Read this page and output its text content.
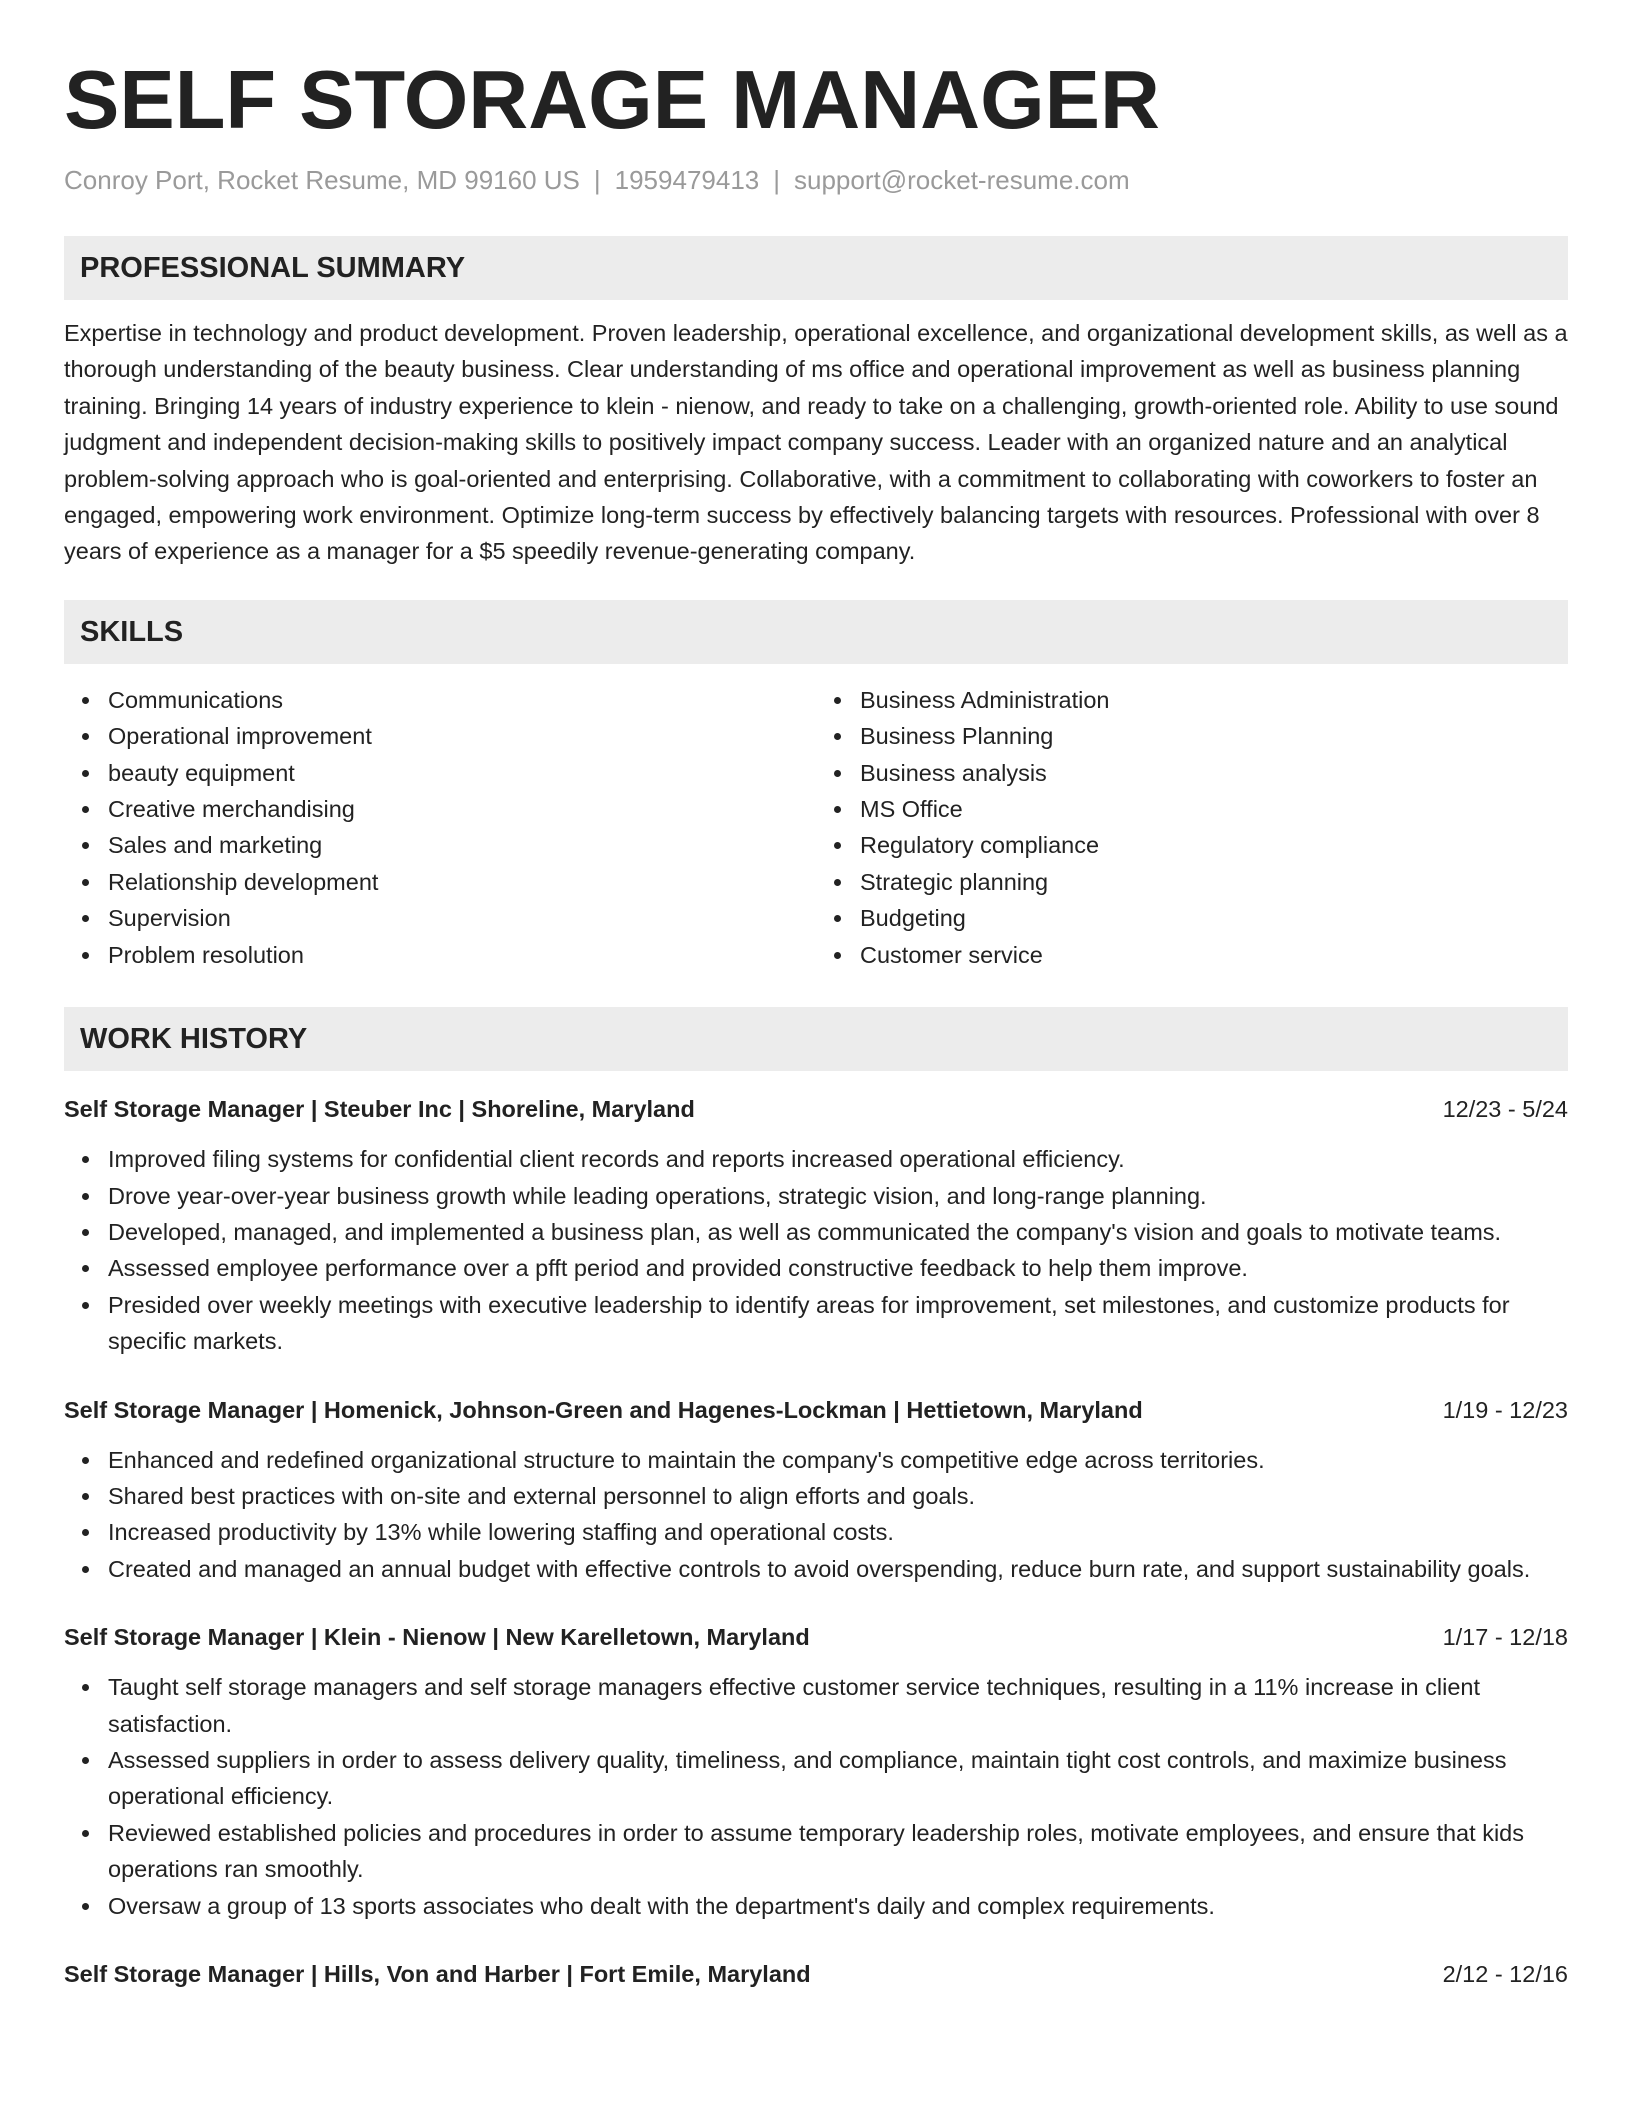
SELF STORAGE MANAGER
Conroy Port, Rocket Resume, MD 99160 US | 1959479413 | support@rocket-resume.com
PROFESSIONAL SUMMARY
Expertise in technology and product development. Proven leadership, operational excellence, and organizational development skills, as well as a thorough understanding of the beauty business. Clear understanding of ms office and operational improvement as well as business planning training. Bringing 14 years of industry experience to klein - nienow, and ready to take on a challenging, growth-oriented role. Ability to use sound judgment and independent decision-making skills to positively impact company success. Leader with an organized nature and an analytical problem-solving approach who is goal-oriented and enterprising. Collaborative, with a commitment to collaborating with coworkers to foster an engaged, empowering work environment. Optimize long-term success by effectively balancing targets with resources. Professional with over 8 years of experience as a manager for a $5 speedily revenue-generating company.
SKILLS
Communications
Operational improvement
beauty equipment
Creative merchandising
Sales and marketing
Relationship development
Supervision
Problem resolution
Business Administration
Business Planning
Business analysis
MS Office
Regulatory compliance
Strategic planning
Budgeting
Customer service
WORK HISTORY
Self Storage Manager | Steuber Inc | Shoreline, Maryland	12/23 - 5/24
Improved filing systems for confidential client records and reports increased operational efficiency.
Drove year-over-year business growth while leading operations, strategic vision, and long-range planning.
Developed, managed, and implemented a business plan, as well as communicated the company's vision and goals to motivate teams.
Assessed employee performance over a pfft period and provided constructive feedback to help them improve.
Presided over weekly meetings with executive leadership to identify areas for improvement, set milestones, and customize products for specific markets.
Self Storage Manager | Homenick, Johnson-Green and Hagenes-Lockman | Hettietown, Maryland	1/19 - 12/23
Enhanced and redefined organizational structure to maintain the company's competitive edge across territories.
Shared best practices with on-site and external personnel to align efforts and goals.
Increased productivity by 13% while lowering staffing and operational costs.
Created and managed an annual budget with effective controls to avoid overspending, reduce burn rate, and support sustainability goals.
Self Storage Manager | Klein - Nienow | New Karelletown, Maryland	1/17 - 12/18
Taught self storage managers and self storage managers effective customer service techniques, resulting in a 11% increase in client satisfaction.
Assessed suppliers in order to assess delivery quality, timeliness, and compliance, maintain tight cost controls, and maximize business operational efficiency.
Reviewed established policies and procedures in order to assume temporary leadership roles, motivate employees, and ensure that kids operations ran smoothly.
Oversaw a group of 13 sports associates who dealt with the department's daily and complex requirements.
Self Storage Manager | Hills, Von and Harber | Fort Emile, Maryland	2/12 - 12/16
